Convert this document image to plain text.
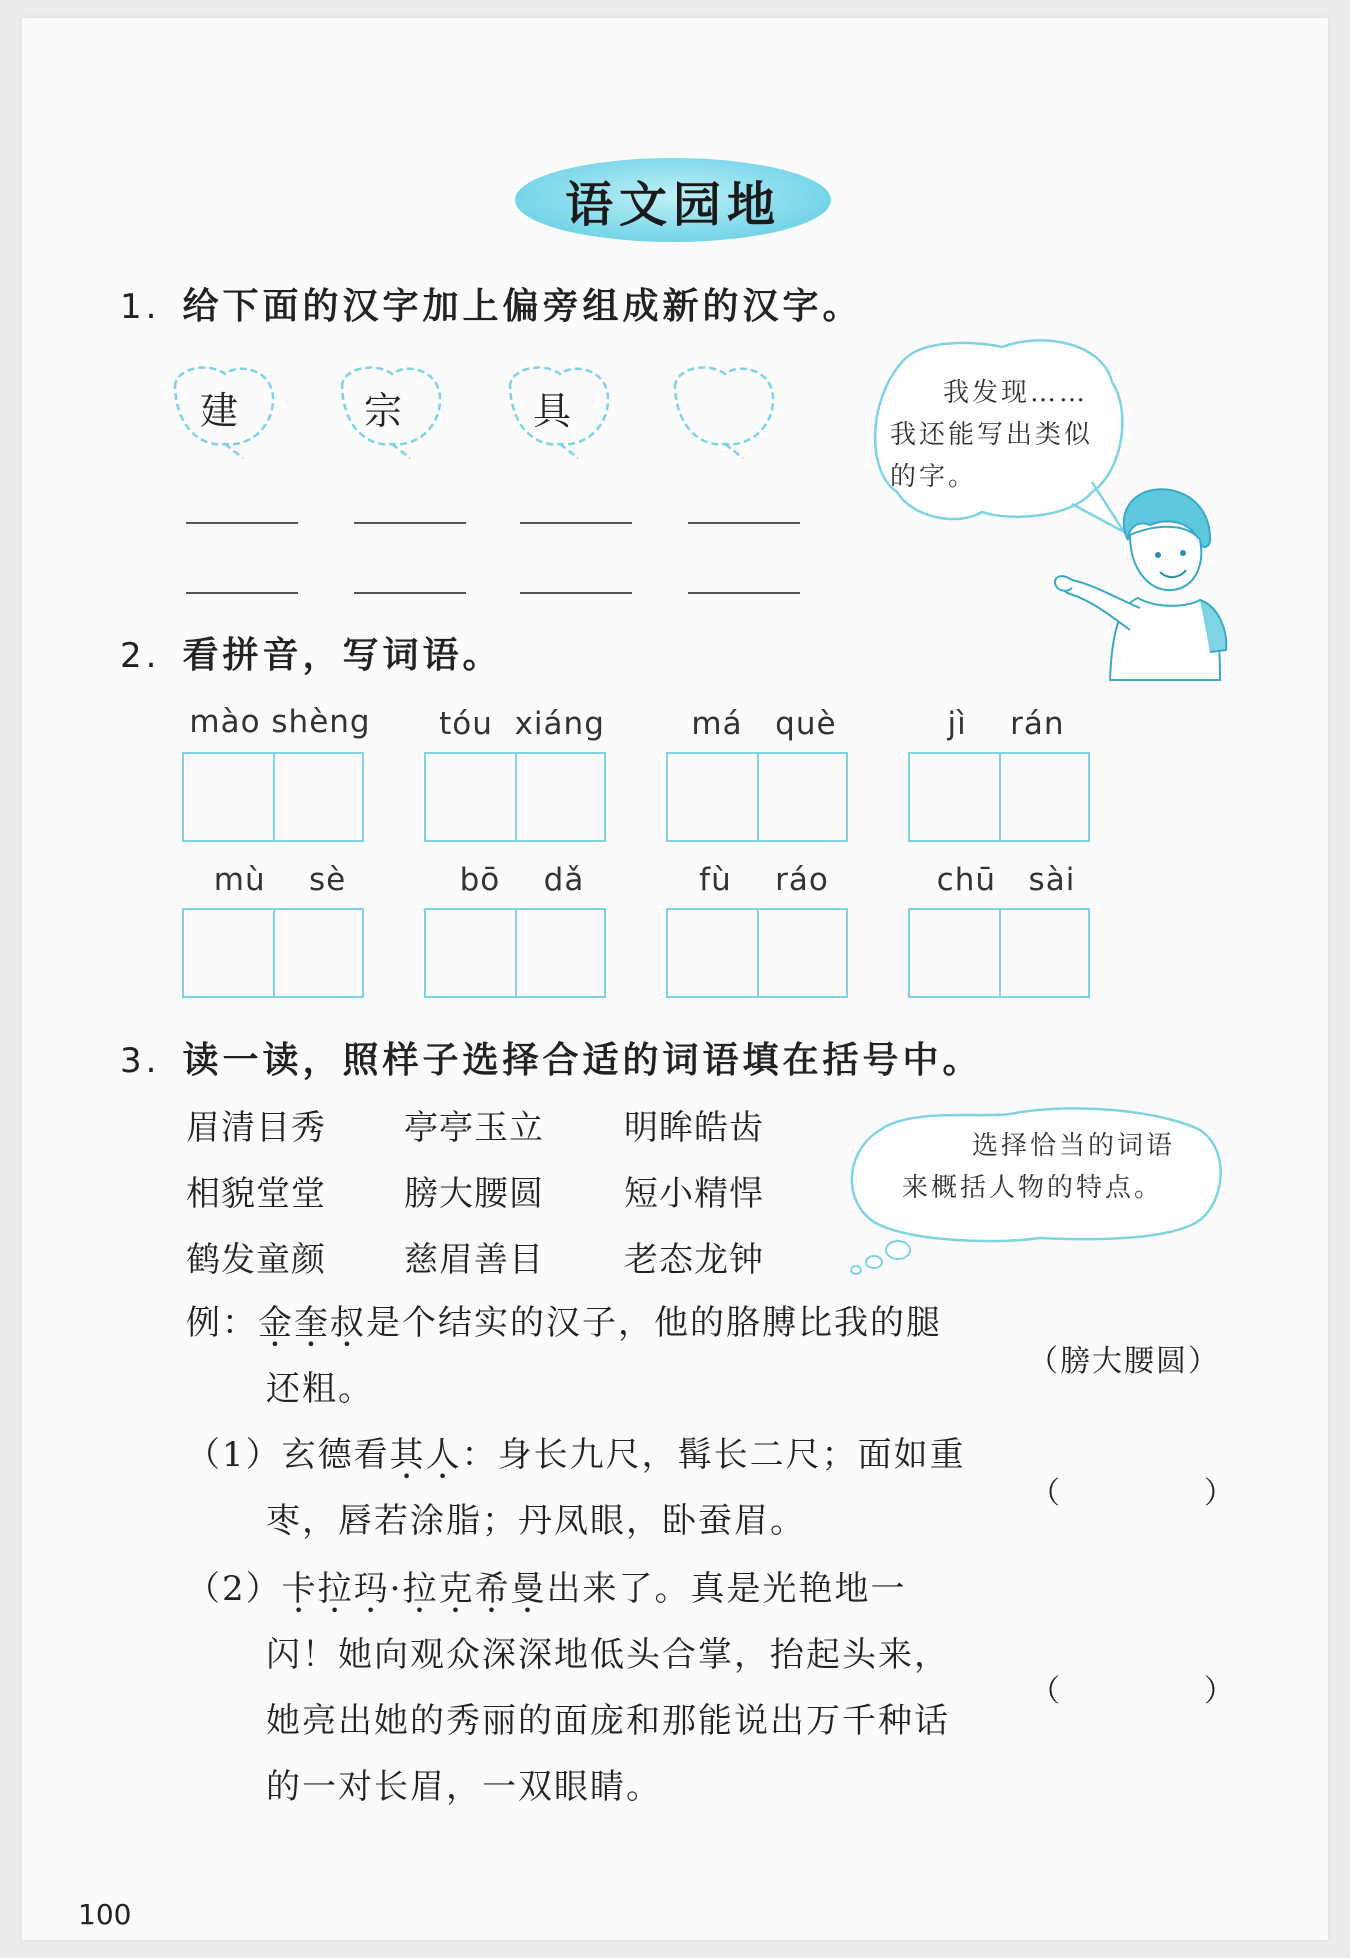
语文园地
1. 给下面的汉字加上偏旁组成新的汉字。
建	宗	具	我发现……
我还能写出类似
的字。
2. 看拼音，写词语。
mào shèng	tóu  xiáng	má   què	jì    rán
mù    sè	bō    dǎ	fù    ráo	chū   sài
3. 读一读，照样子选择合适的词语填在括号中。
眉清目秀 亭亭玉立 明眸皓齿
相貌堂堂 膀大腰圆 短小精悍
鹤发童颜 慈眉善目 老态龙钟
选择恰当的词语
来概括人物的特点。
例：金奎叔是个结实的汉子，他的胳膊比我的腿
还粗。
（膀大腰圆）
（1）玄德看其人：身长九尺，髯长二尺；面如重
枣，唇若涂脂；丹凤眼，卧蚕眉。
（	）
（2）卡拉玛·拉克希曼出来了。真是光艳地一
闪！她向观众深深地低头合掌，抬起头来，
她亮出她的秀丽的面庞和那能说出万千种话
的一对长眉，一双眼睛。
（	）
100
